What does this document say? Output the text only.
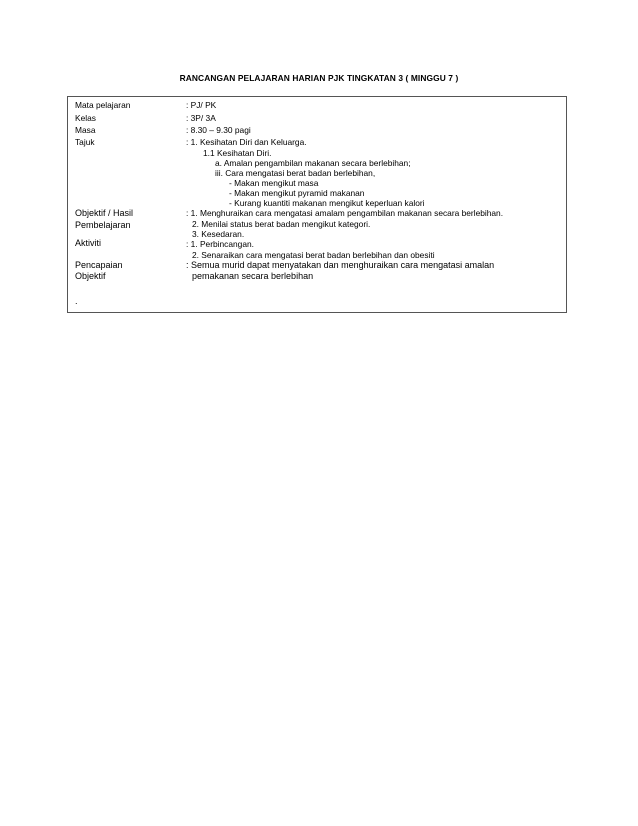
RANCANGAN PELAJARAN HARIAN PJK TINGKATAN 3 ( MINGGU 7 )
Mata pelajaran
Kelas
Masa
Tajuk
Objektif / Hasil
Pembelajaran
Aktiviti
Pencapaian
Objektif
: PJ/ PK
: 3P/ 3A
: 8.30 – 9.30 pagi
: 1. Kesihatan Diri dan Keluarga.
1.1 Kesihatan Diri.
a. Amalan pengambilan makanan secara berlebihan;
iii. Cara mengatasi berat badan berlebihan,
- Makan mengikut masa
- Makan mengikut pyramid makanan
- Kurang kuantiti makanan mengikut keperluan kalori
: 1. Menghuraikan cara mengatasi amalam pengambilan makanan secara berlebihan.
2. Menilai status berat badan mengikut kategori.
3. Kesedaran.
: 1. Perbincangan.
2. Senaraikan cara mengatasi berat badan berlebihan dan obesiti
: Semua murid dapat menyatakan dan menghuraikan cara mengatasi amalan
pemakanan secara berlebihan
.
